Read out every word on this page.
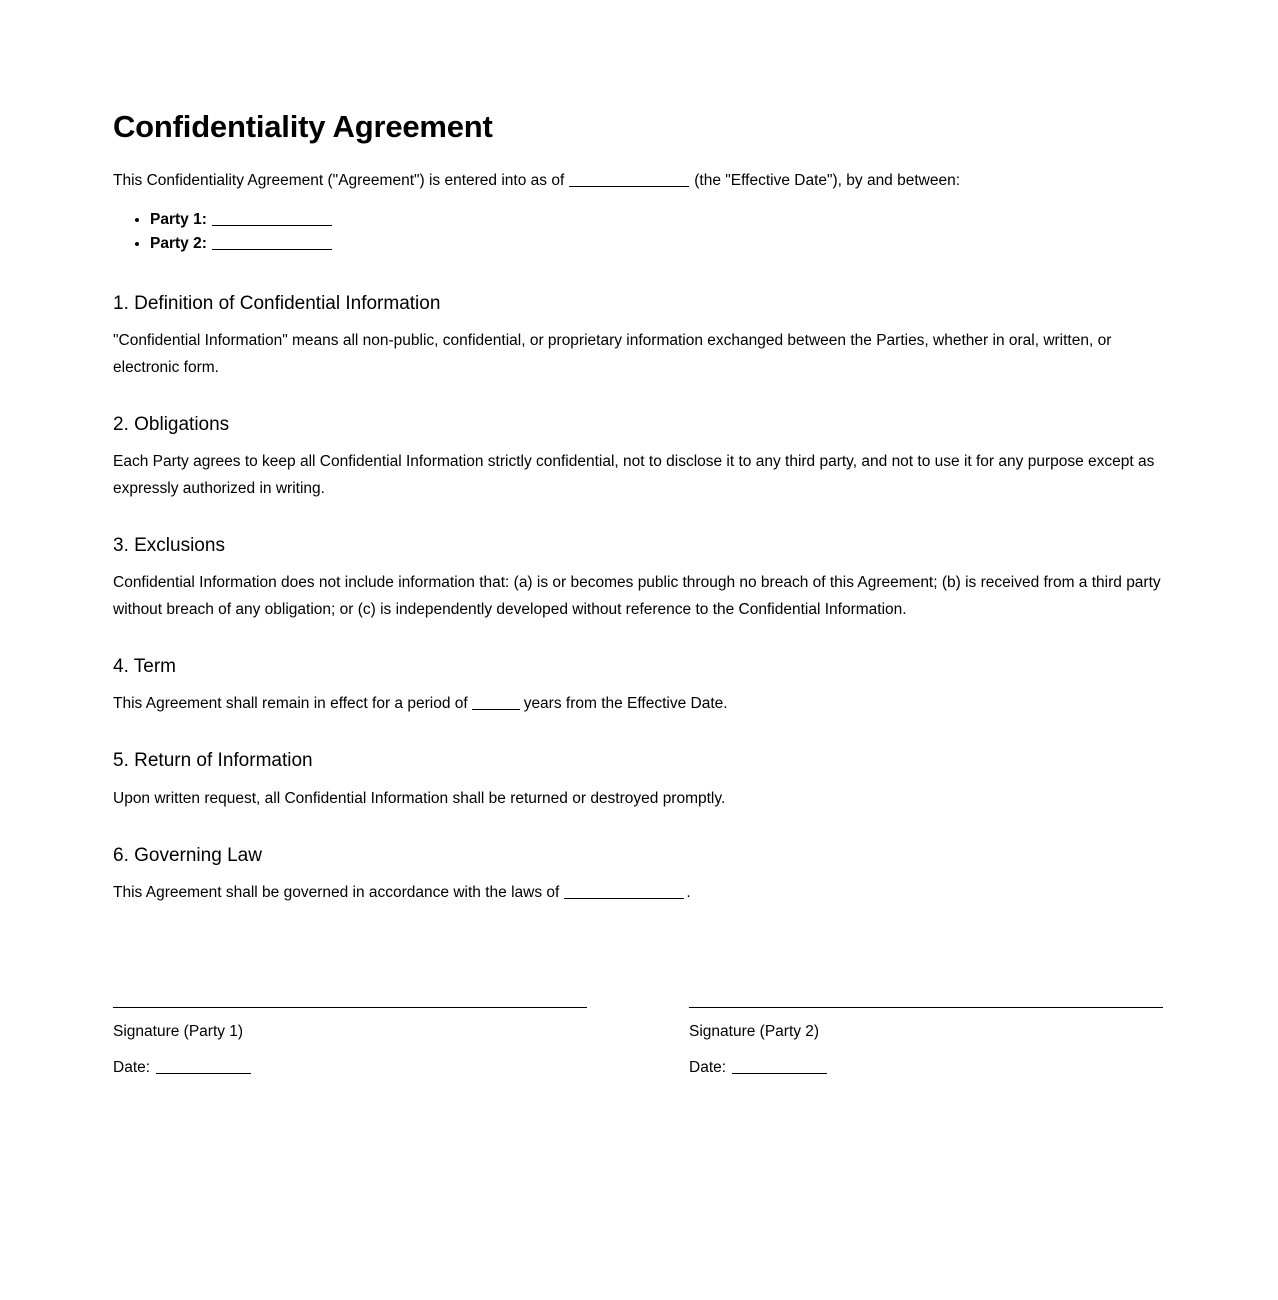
Confidentiality Agreement

This Confidentiality Agreement ("Agreement") is entered into as of	(the "Effective Date"), by and between:

• Party 1:
• Party 2:
1. Definition of Confidential Information

"Confidential Information" means all non-public, confidential, or proprietary information exchanged between the Parties, whether in oral, written, or electronic form.

2. Obligations

Each Party agrees to keep all Confidential Information strictly confidential, not to disclose it to any third party, and not to use it for any purpose except as expressly authorized in writing.

3. Exclusions

Confidential Information does not include information that: (a) is or becomes public through no breach of this Agreement; (b) is received from a third party without breach of any obligation; or (c) is independently developed without reference to the Confidential Information.

4. Term

This Agreement shall remain in effect for a period of	years from the Effective Date.

5. Return of Information

Upon written request, all Confidential Information shall be returned or destroyed promptly.

6. Governing Law

This Agreement shall be governed in accordance with the laws of	.

Signature (Party 1)
Date:
Signature (Party 2)
Date:
